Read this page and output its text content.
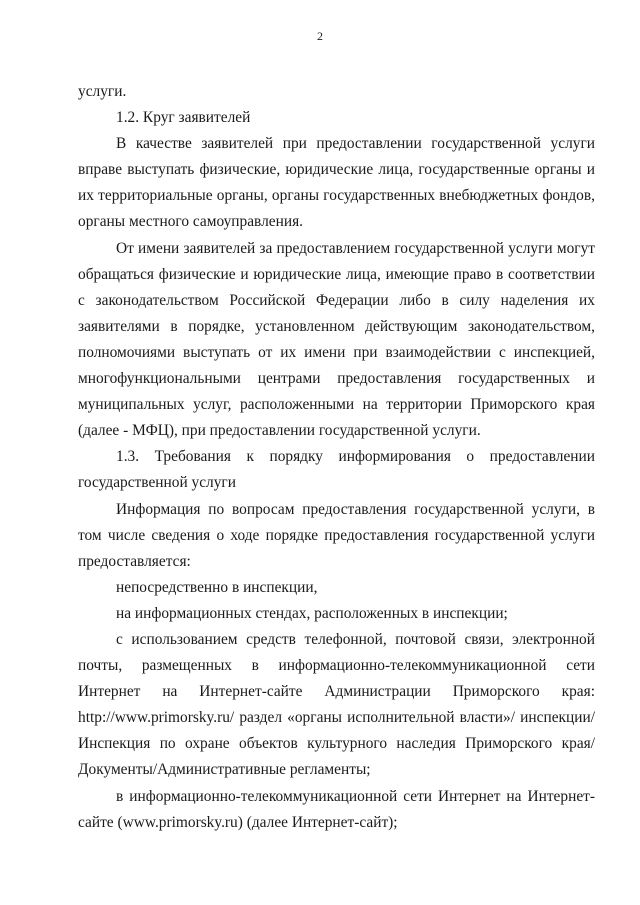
2

услуги.

1.2. Круг заявителей

В качестве заявителей при предоставлении государственной услуги вправе выступать физические, юридические лица, государственные органы и их территориальные органы, органы государственных внебюджетных фондов, органы местного самоуправления.

От имени заявителей за предоставлением государственной услуги могут обращаться физические и юридические лица, имеющие право в соответствии с законодательством Российской Федерации либо в силу наделения их заявителями в порядке, установленном действующим законодательством, полномочиями выступать от их имени при взаимодействии с инспекцией, многофункциональными центрами предоставления государственных и муниципальных услуг, расположенными на территории Приморского края (далее - МФЦ), при предоставлении государственной услуги.

1.3. Требования к порядку информирования о предоставлении государственной услуги

Информация по вопросам предоставления государственной услуги, в том числе сведения о ходе порядке предоставления государственной услуги предоставляется:

непосредственно в инспекции,

на информационных стендах, расположенных в инспекции;

с использованием средств телефонной, почтовой связи, электронной почты, размещенных в информационно-телекоммуникационной сети Интернет на Интернет-сайте Администрации Приморского края: http://www.primorsky.ru/ раздел «органы исполнительной власти»/ инспекции/ Инспекция по охране объектов культурного наследия Приморского края/Документы/Административные регламенты;

в информационно-телекоммуникационной сети Интернет на Интернет-сайте (www.primorsky.ru) (далее Интернет-сайт);
